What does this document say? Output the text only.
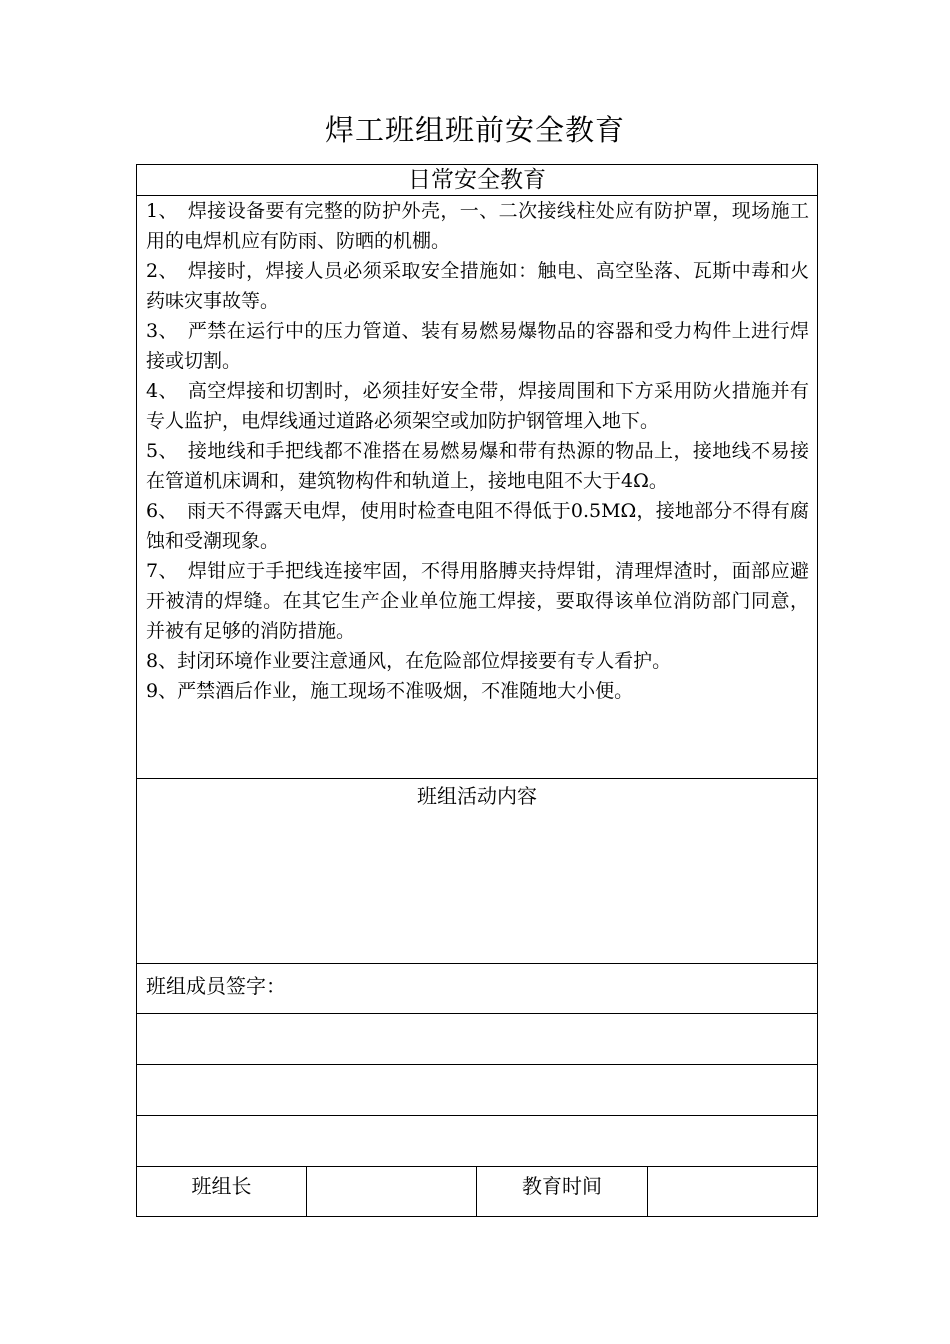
焊工班组班前安全教育
日常安全教育

1、　焊接设备要有完整的防护外壳，一、二次接线柱处应有防护罩，现场施工用的电焊机应有防雨、防晒的机棚。
2、　焊接时，焊接人员必须采取安全措施如：触电、高空坠落、瓦斯中毒和火药味灾事故等。
3、　严禁在运行中的压力管道、装有易燃易爆物品的容器和受力构件上进行焊接或切割。
4、　高空焊接和切割时，必须挂好安全带，焊接周围和下方采用防火措施并有专人监护，电焊线通过道路必须架空或加防护钢管埋入地下。
5、　接地线和手把线都不准搭在易燃易爆和带有热源的物品上，接地线不易接在管道机床调和，建筑物构件和轨道上，接地电阻不大于4Ω。
6、　雨天不得露天电焊，使用时检查电阻不得低于0.5MΩ，接地部分不得有腐蚀和受潮现象。
7、　焊钳应于手把线连接牢固，不得用胳膊夹持焊钳，清理焊渣时，面部应避开被清的焊缝。在其它生产企业单位施工焊接，要取得该单位消防部门同意，并被有足够的消防措施。
8、封闭环境作业要注意通风，在危险部位焊接要有专人看护。
9、严禁酒后作业，施工现场不准吸烟，不准随地大小便。

班组活动内容

班组成员签字：

班组长		教育时间	
